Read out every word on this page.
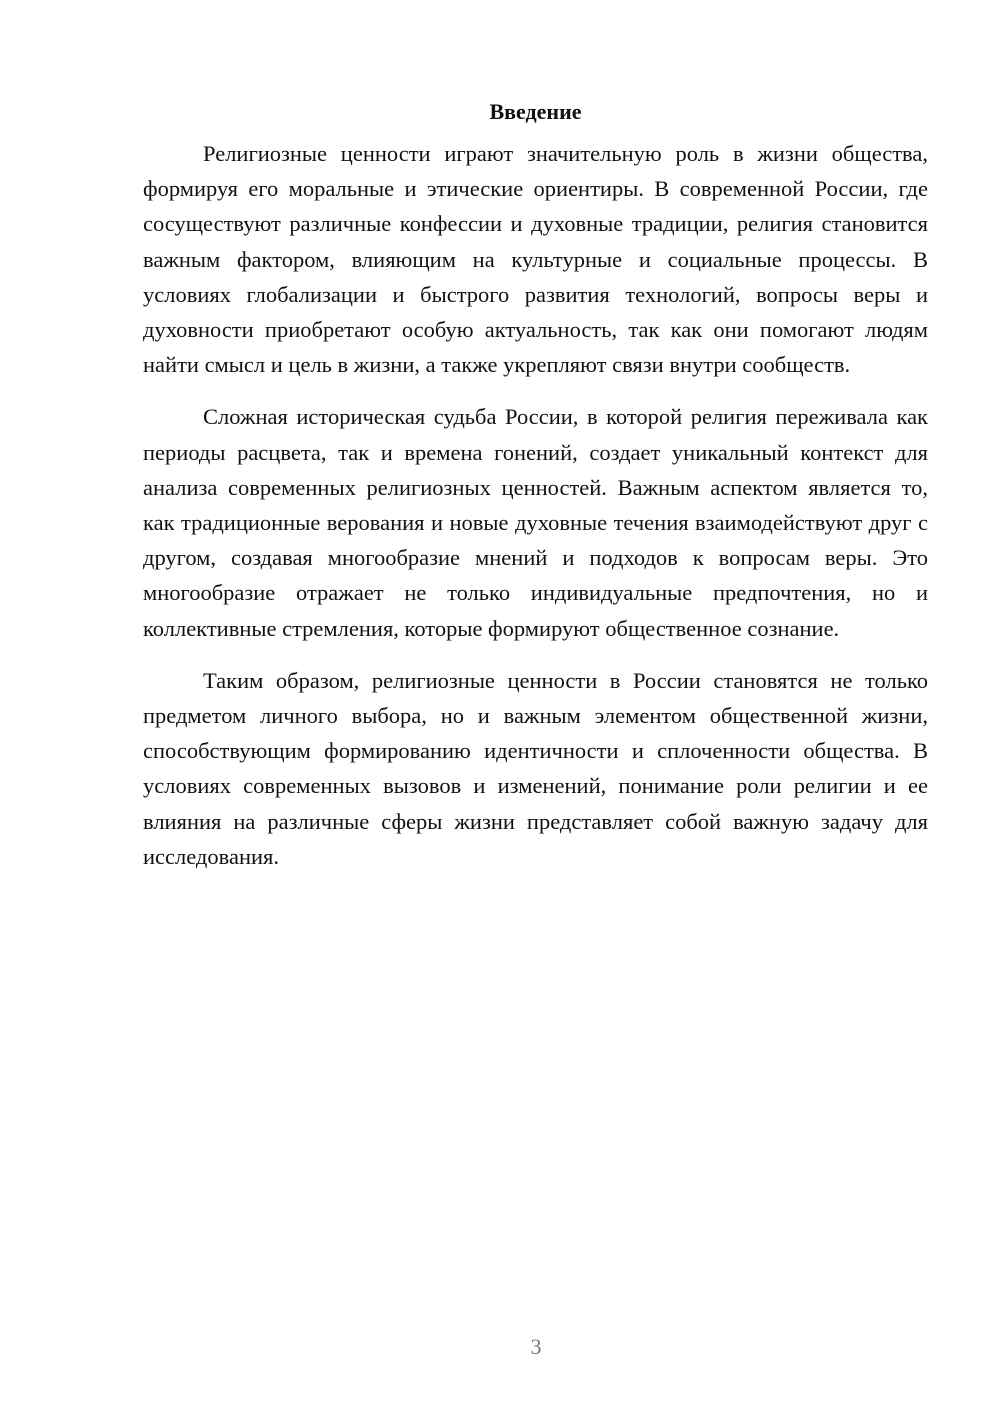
Введение

Религиозные ценности играют значительную роль в жизни общества, формируя его моральные и этические ориентиры. В современной России, где сосуществуют различные конфессии и духовные традиции, религия становится важным фактором, влияющим на культурные и социальные процессы. В условиях глобализации и быстрого развития технологий, вопросы веры и духовности приобретают особую актуальность, так как они помогают людям найти смысл и цель в жизни, а также укрепляют связи внутри сообществ.

Сложная историческая судьба России, в которой религия переживала как периоды расцвета, так и времена гонений, создает уникальный контекст для анализа современных религиозных ценностей. Важным аспектом является то, как традиционные верования и новые духовные течения взаимодействуют друг с другом, создавая многообразие мнений и подходов к вопросам веры. Это многообразие отражает не только индивидуальные предпочтения, но и коллективные стремления, которые формируют общественное сознание.

Таким образом, религиозные ценности в России становятся не только предметом личного выбора, но и важным элементом общественной жизни, способствующим формированию идентичности и сплоченности общества. В условиях современных вызовов и изменений, понимание роли религии и ее влияния на различные сферы жизни представляет собой важную задачу для исследования.

3
